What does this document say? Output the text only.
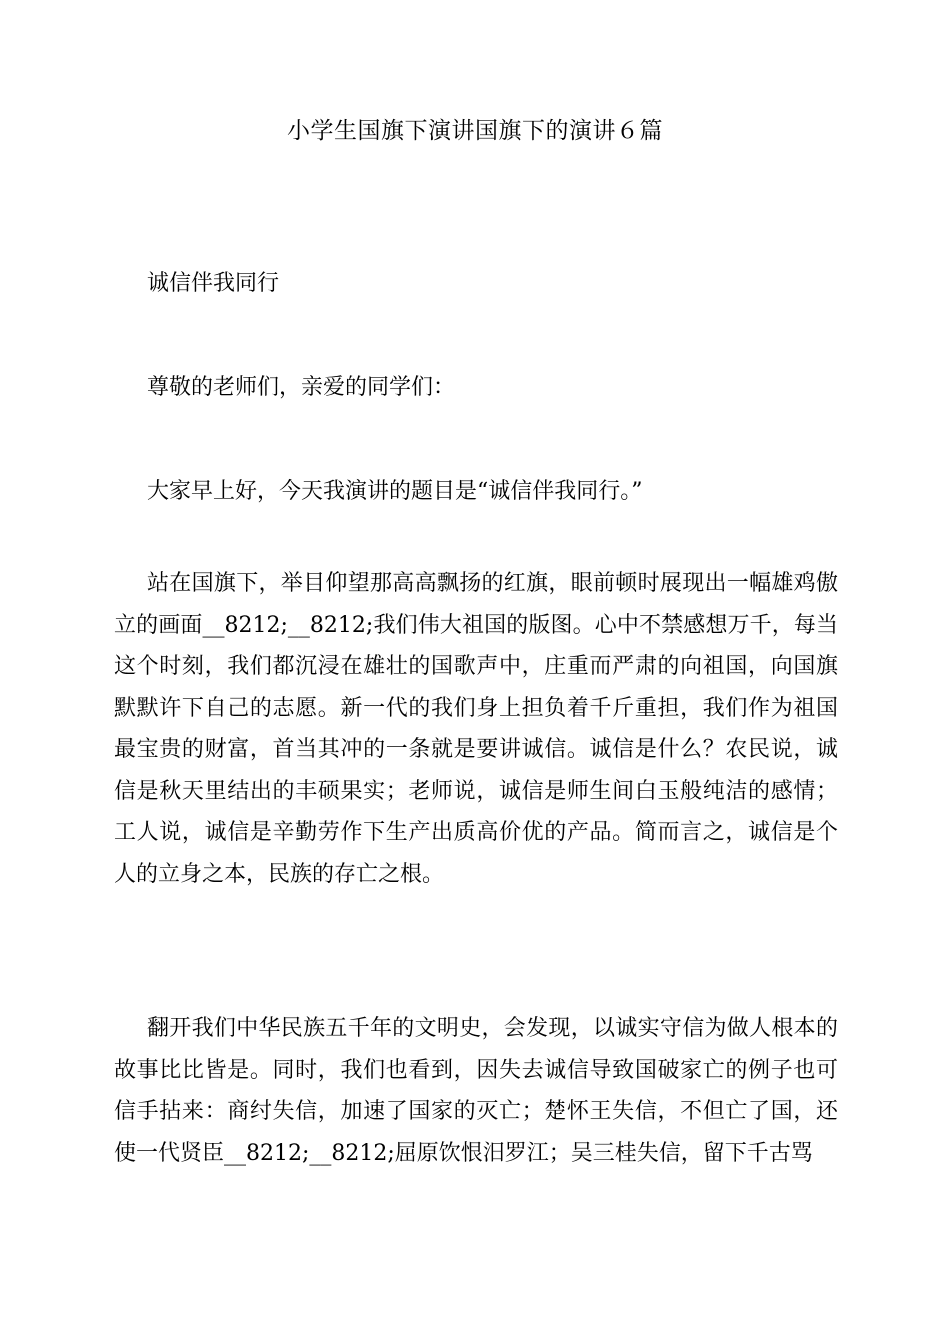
小学生国旗下演讲国旗下的演讲６篇

诚信伴我同行

尊敬的老师们，亲爱的同学们：

大家早上好，今天我演讲的题目是“诚信伴我同行。”

站在国旗下，举目仰望那高高飘扬的红旗，眼前顿时展现出一幅雄鸡傲立的画面__8212;__8212;我们伟大祖国的版图。心中不禁感想万千，每当这个时刻，我们都沉浸在雄壮的国歌声中，庄重而严肃的向祖国，向国旗默默许下自己的志愿。新一代的我们身上担负着千斤重担，我们作为祖国最宝贵的财富，首当其冲的一条就是要讲诚信。诚信是什么？农民说，诚信是秋天里结出的丰硕果实；老师说，诚信是师生间白玉般纯洁的感情；工人说，诚信是辛勤劳作下生产出质高价优的产品。简而言之，诚信是个人的立身之本，民族的存亡之根。

翻开我们中华民族五千年的文明史，会发现，以诚实守信为做人根本的故事比比皆是。同时，我们也看到，因失去诚信导致国破家亡的例子也可信手拈来：商纣失信，加速了国家的灭亡；楚怀王失信，不但亡了国，还使一代贤臣__8212;__8212;屈原饮恨汨罗江；吴三桂失信，留下千古骂
